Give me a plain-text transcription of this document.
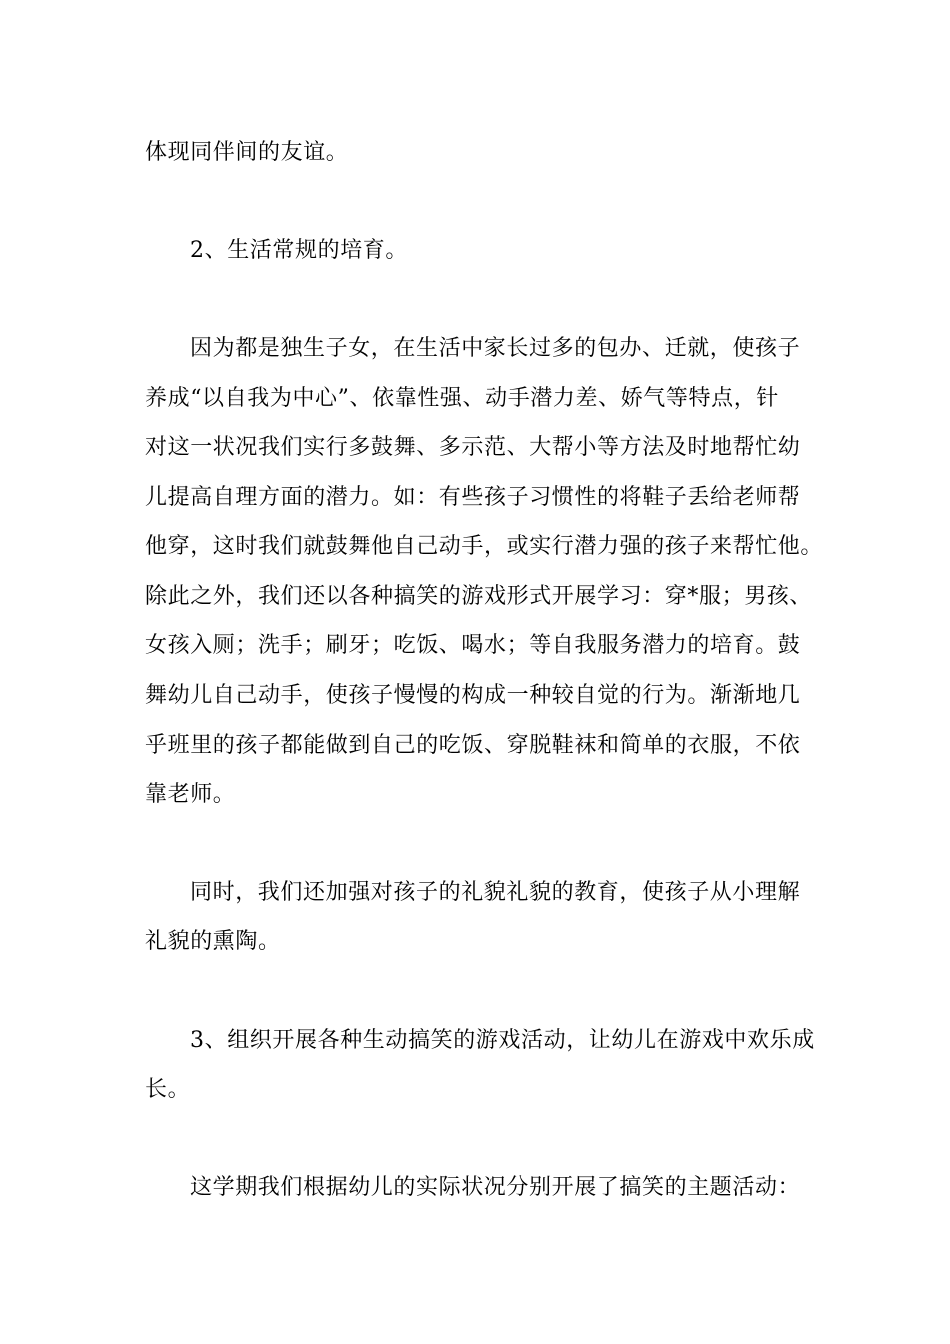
体现同伴间的友谊。
2、生活常规的培育。
因为都是独生子女，在生活中家长过多的包办、迁就，使孩子
养成“以自我为中心”、依靠性强、动手潜力差、娇气等特点，针
对这一状况我们实行多鼓舞、多示范、大帮小等方法及时地帮忙幼
儿提高自理方面的潜力。如：有些孩子习惯性的将鞋子丢给老师帮
他穿，这时我们就鼓舞他自己动手，或实行潜力强的孩子来帮忙他。
除此之外，我们还以各种搞笑的游戏形式开展学习：穿*服；男孩、
女孩入厕；洗手；刷牙；吃饭、喝水；等自我服务潜力的培育。鼓
舞幼儿自己动手，使孩子慢慢的构成一种较自觉的行为。渐渐地几
乎班里的孩子都能做到自己的吃饭、穿脱鞋袜和简单的衣服，不依
靠老师。
同时，我们还加强对孩子的礼貌礼貌的教育，使孩子从小理解
礼貌的熏陶。
3、组织开展各种生动搞笑的游戏活动，让幼儿在游戏中欢乐成
长。
这学期我们根据幼儿的实际状况分别开展了搞笑的主题活动：
